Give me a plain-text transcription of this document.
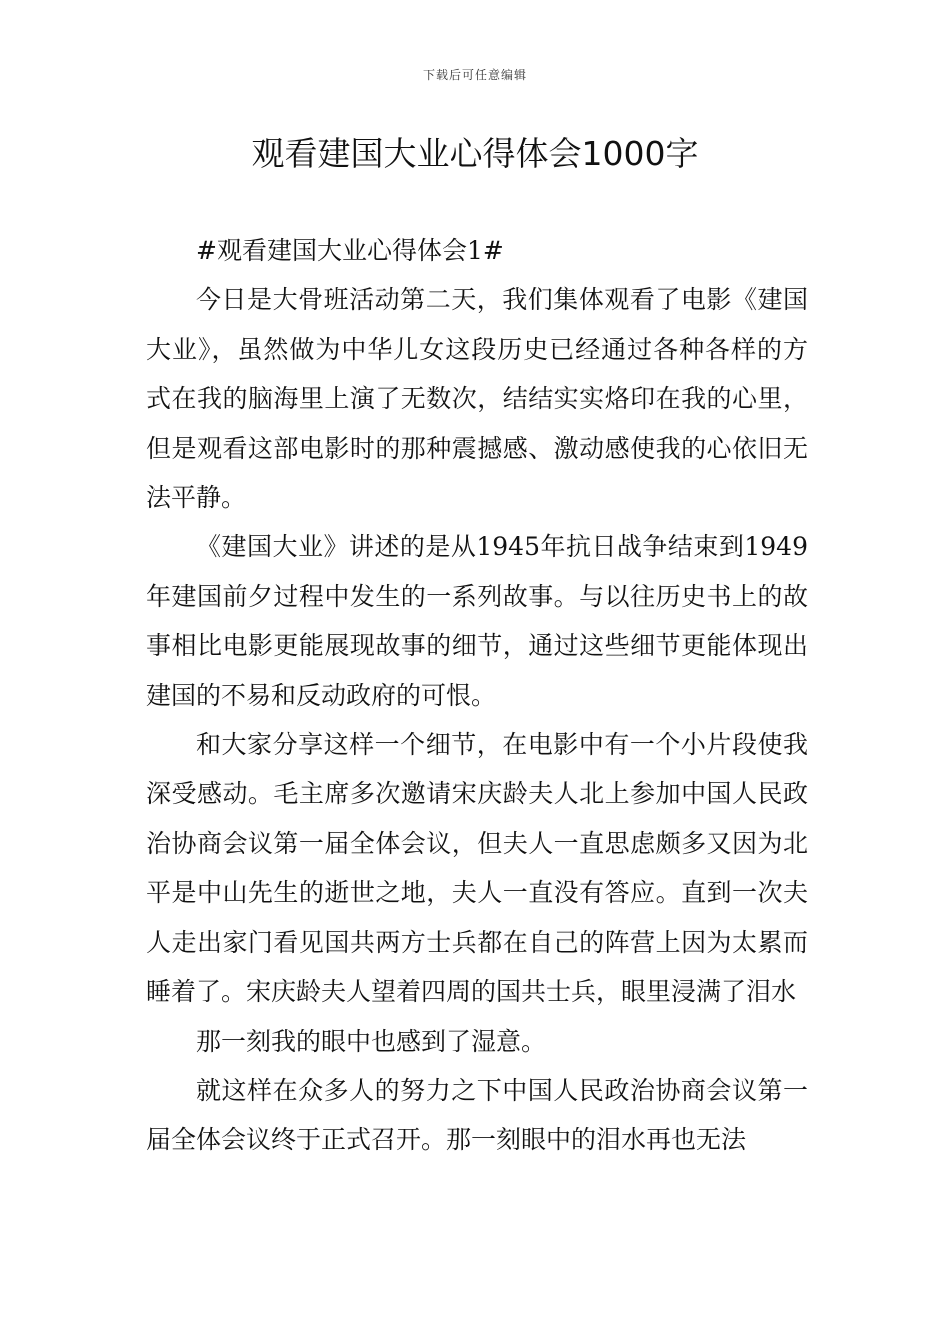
下载后可任意编辑
观看建国大业心得体会1000字

#观看建国大业心得体会1#

今日是大骨班活动第二天，我们集体观看了电影《建国大业》，虽然做为中华儿女这段历史已经通过各种各样的方式在我的脑海里上演了无数次，结结实实烙印在我的心里，但是观看这部电影时的那种震撼感、激动感使我的心依旧无法平静。

《建国大业》讲述的是从1945年抗日战争结束到1949年建国前夕过程中发生的一系列故事。与以往历史书上的故事相比电影更能展现故事的细节，通过这些细节更能体现出建国的不易和反动政府的可恨。

和大家分享这样一个细节，在电影中有一个小片段使我深受感动。毛主席多次邀请宋庆龄夫人北上参加中国人民政治协商会议第一届全体会议，但夫人一直思虑颇多又因为北平是中山先生的逝世之地，夫人一直没有答应。直到一次夫人走出家门看见国共两方士兵都在自己的阵营上因为太累而睡着了。宋庆龄夫人望着四周的国共士兵，眼里浸满了泪水

那一刻我的眼中也感到了湿意。

就这样在众多人的努力之下中国人民政治协商会议第一届全体会议终于正式召开。那一刻眼中的泪水再也无法
